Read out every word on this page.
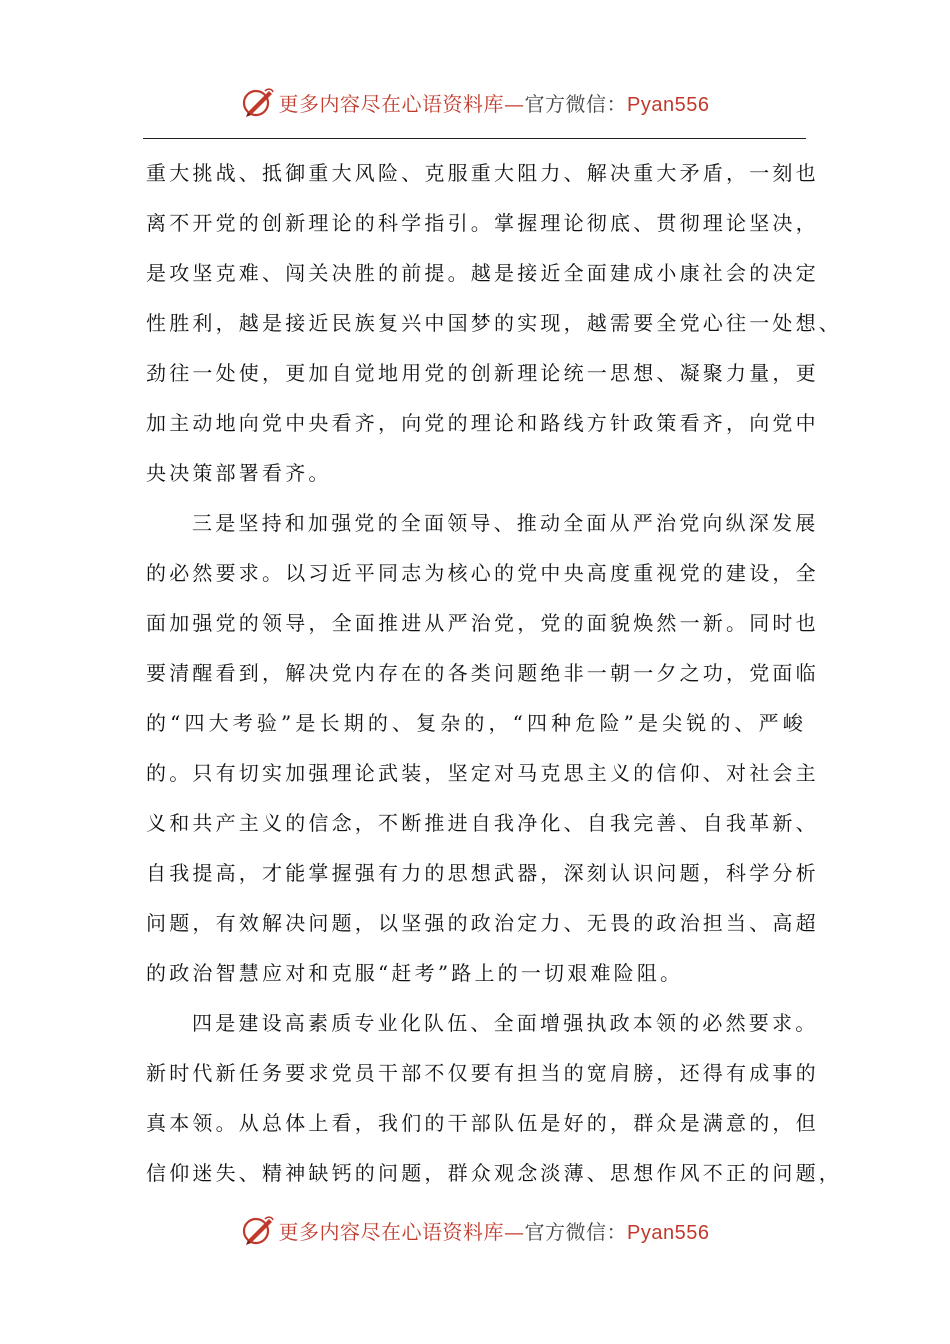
更多内容尽在心语资料库—官方微信：Pyan556
重大挑战、抵御重大风险、克服重大阻力、解决重大矛盾，一刻也
离不开党的创新理论的科学指引。掌握理论彻底、贯彻理论坚决，
是攻坚克难、闯关决胜的前提。越是接近全面建成小康社会的决定
性胜利，越是接近民族复兴中国梦的实现，越需要全党心往一处想、
劲往一处使，更加自觉地用党的创新理论统一思想、凝聚力量，更
加主动地向党中央看齐，向党的理论和路线方针政策看齐，向党中
央决策部署看齐。
三是坚持和加强党的全面领导、推动全面从严治党向纵深发展
的必然要求。以习近平同志为核心的党中央高度重视党的建设，全
面加强党的领导，全面推进从严治党，党的面貌焕然一新。同时也
要清醒看到，解决党内存在的各类问题绝非一朝一夕之功，党面临
的“四大考验”是长期的、复杂的，“四种危险”是尖锐的、严峻
的。只有切实加强理论武装，坚定对马克思主义的信仰、对社会主
义和共产主义的信念，不断推进自我净化、自我完善、自我革新、
自我提高，才能掌握强有力的思想武器，深刻认识问题，科学分析
问题，有效解决问题，以坚强的政治定力、无畏的政治担当、高超
的政治智慧应对和克服“赶考”路上的一切艰难险阻。
四是建设高素质专业化队伍、全面增强执政本领的必然要求。
新时代新任务要求党员干部不仅要有担当的宽肩膀，还得有成事的
真本领。从总体上看，我们的干部队伍是好的，群众是满意的，但
信仰迷失、精神缺钙的问题，群众观念淡薄、思想作风不正的问题，
更多内容尽在心语资料库—官方微信：Pyan556
